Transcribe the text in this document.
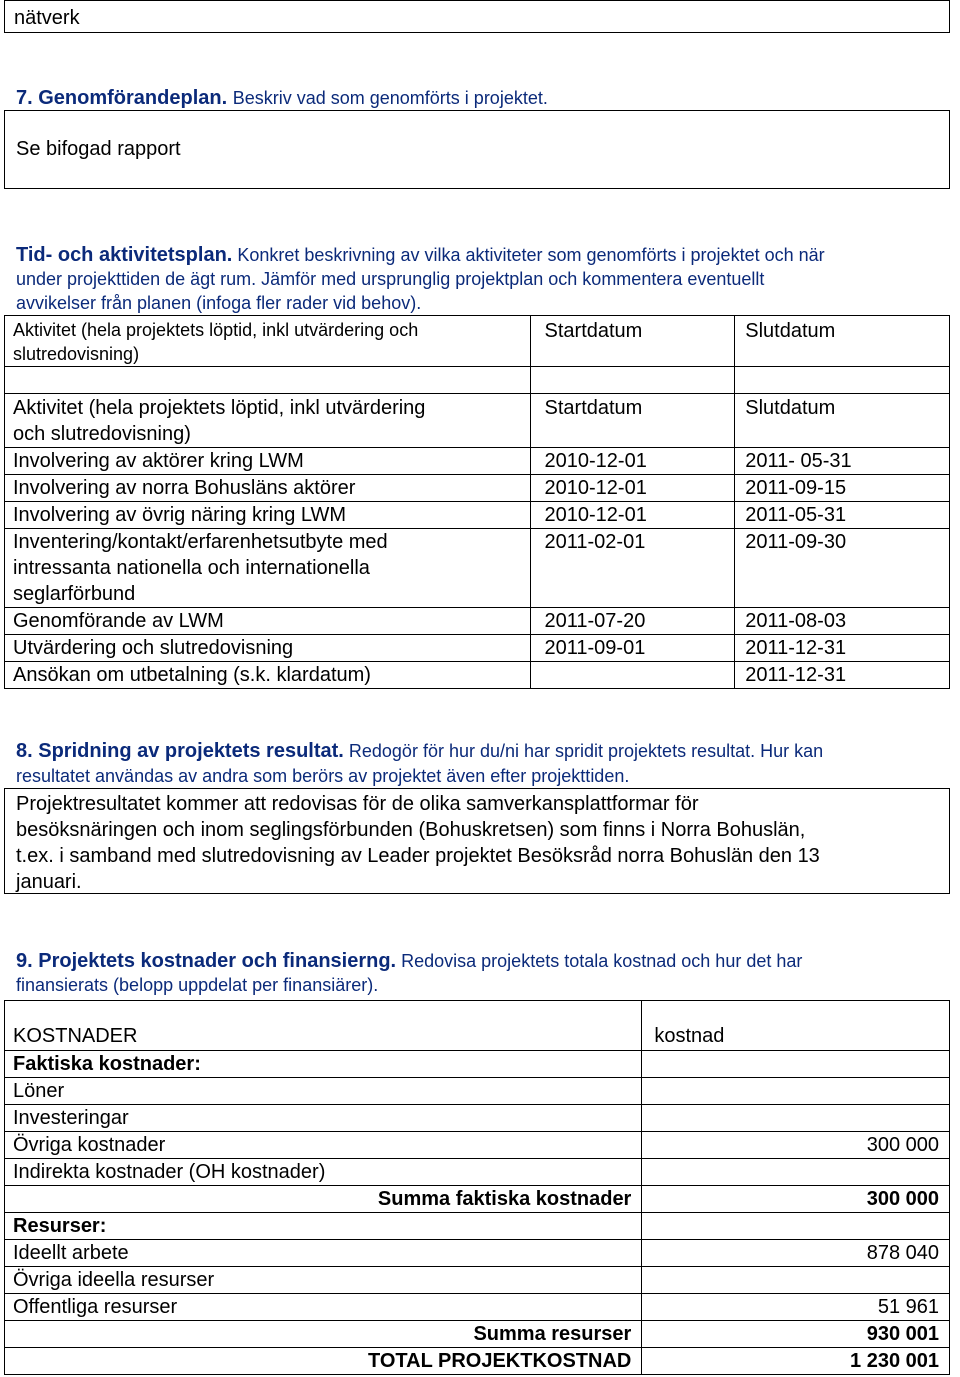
nätverk
7. Genomförandeplan. Beskriv vad som genomförts i projektet.
Se bifogad rapport
Tid- och aktivitetsplan. Konkret beskrivning av vilka aktiviteter som genomförts i projektet och när
under projekttiden de ägt rum. Jämför med ursprunglig projektplan och kommentera eventuellt
avvikelser från planen (infoga fler rader vid behov).
Aktivitet (hela projektets löptid, inkl utvärdering och
slutredovisning)	Startdatum	Slutdatum

Aktivitet (hela projektets löptid, inkl utvärdering
och slutredovisning)	Startdatum	Slutdatum
Involvering av aktörer kring LWM	2010-12-01	2011- 05-31
Involvering av norra Bohusläns aktörer	2010-12-01	2011-09-15
Involvering av övrig näring kring LWM	2010-12-01	2011-05-31

Inventering/kontakt/erfarenhetsutbyte med
intressanta nationella och internationella
seglarförbund	2011-02-01	2011-09-30
Genomförande av LWM	2011-07-20	2011-08-03
Utvärdering och slutredovisning	2011-09-01	2011-12-31
Ansökan om utbetalning (s.k. klardatum)		2011-12-31
8. Spridning av projektets resultat. Redogör för hur du/ni har spridit projektets resultat. Hur kan
resultatet användas av andra som berörs av projektet även efter projekttiden.
Projektresultatet kommer att redovisas för de olika samverkansplattformar för
besöksnäringen och inom seglingsförbunden (Bohuskretsen) som finns i Norra Bohuslän,
t.ex. i samband med slutredovisning av Leader projektet Besöksråd norra Bohuslän den 13
januari.
9. Projektets kostnader och finansierng. Redovisa projektets totala kostnad och hur det har
finansierats (belopp uppdelat per finansiärer).
KOSTNADER	kostnad
Faktiska kostnader:	
Löner	
Investeringar	
Övriga kostnader	300 000
Indirekta kostnader (OH kostnader)	
Summa faktiska kostnader	300 000
Resurser:	
Ideellt arbete	878 040
Övriga ideella resurser	
Offentliga resurser	51 961
Summa resurser	930 001
TOTAL PROJEKTKOSTNAD	1 230 001
